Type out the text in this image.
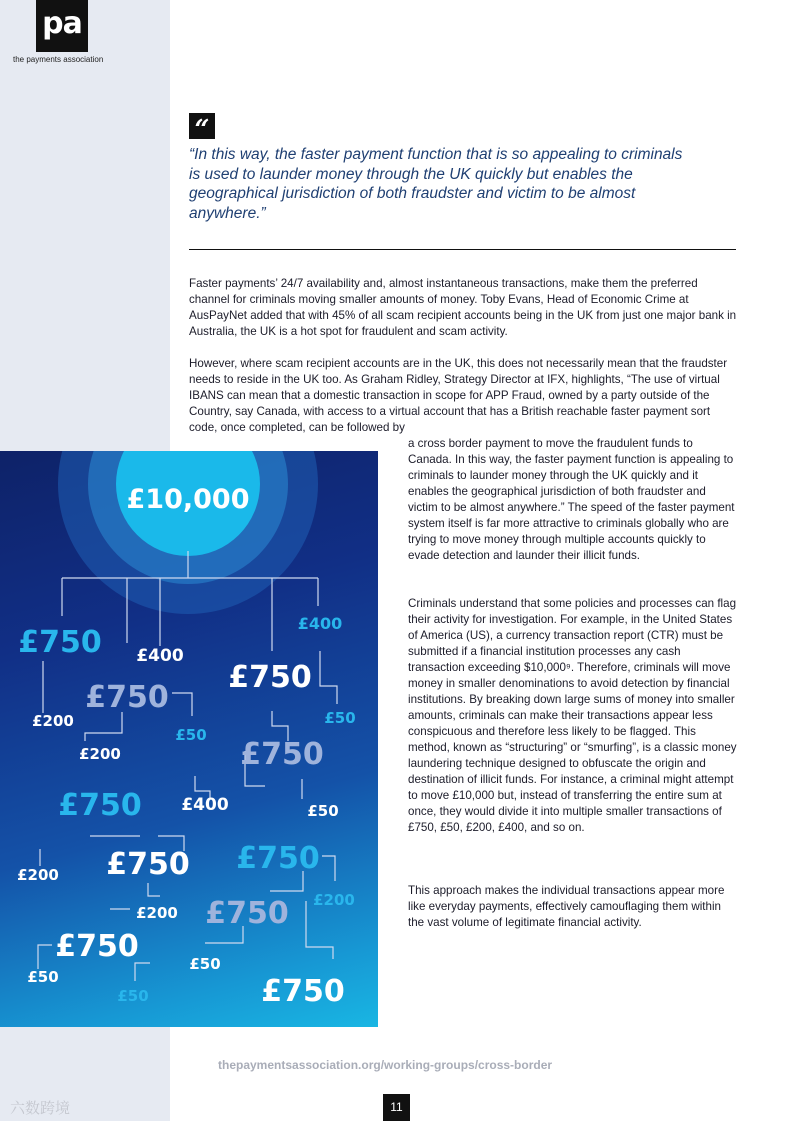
pa
the payments association
六数跨境
“

“In this way, the faster payment function that is so appealing to criminals is used to launder money through the UK quickly but enables the geographical jurisdiction of both fraudster and victim to be almost anywhere.”

Faster payments’ 24/7 availability and, almost instantaneous transactions, make them the preferred channel for criminals moving smaller amounts of money. Toby Evans, Head of Economic Crime at AusPayNet added that with 45% of all scam recipient accounts being in the UK from just one major bank in Australia, the UK is a hot spot for fraudulent and scam activity.

However, where scam recipient accounts are in the UK, this does not necessarily mean that the fraudster needs to reside in the UK too. As Graham Ridley, Strategy Director at IFX, highlights, “The use of virtual IBANS can mean that a domestic transaction in scope for APP Fraud, owned by a party outside of the Country, say Canada, with access to a virtual account that has a British reachable faster payment sort code, once completed, can be followed by

a cross border payment to move the fraudulent funds to Canada. In this way, the faster payment function is appealing to criminals to launder money through the UK quickly and it enables the geographical jurisdiction of both fraudster and victim to be almost anywhere.” The speed of the faster payment system itself is far more attractive to criminals globally who are trying to move money through multiple accounts quickly to evade detection and launder their illicit funds.

Criminals understand that some policies and processes can flag their activity for investigation. For example, in the United States of America (US), a currency transaction report (CTR) must be submitted if a financial institution processes any cash transaction exceeding $10,000⁹. Therefore, criminals will move money in smaller denominations to avoid detection by financial institutions. By breaking down large sums of money into smaller amounts, criminals can make their transactions appear less conspicuous and therefore less likely to be flagged. This method, known as “structuring” or “smurfing”, is a classic money laundering technique designed to obfuscate the origin and destination of illicit funds. For instance, a criminal might attempt to move £10,000 but, instead of transferring the entire sum at once, they would divide it into multiple smaller transactions of £750, £50, £200, £400, and so on.

This approach makes the individual transactions appear more like everyday payments, effectively camouflaging them within the vast volume of legitimate financial activity.

£10,000
£750 £400
£750
£400
£200
£750
£50
£50
£200	£750
£750 £400	£50
£200 £750 £750
£200
£200
£750
£750
£50
£50
£50	£750
thepaymentsassociation.org/working-groups/cross-border
11
